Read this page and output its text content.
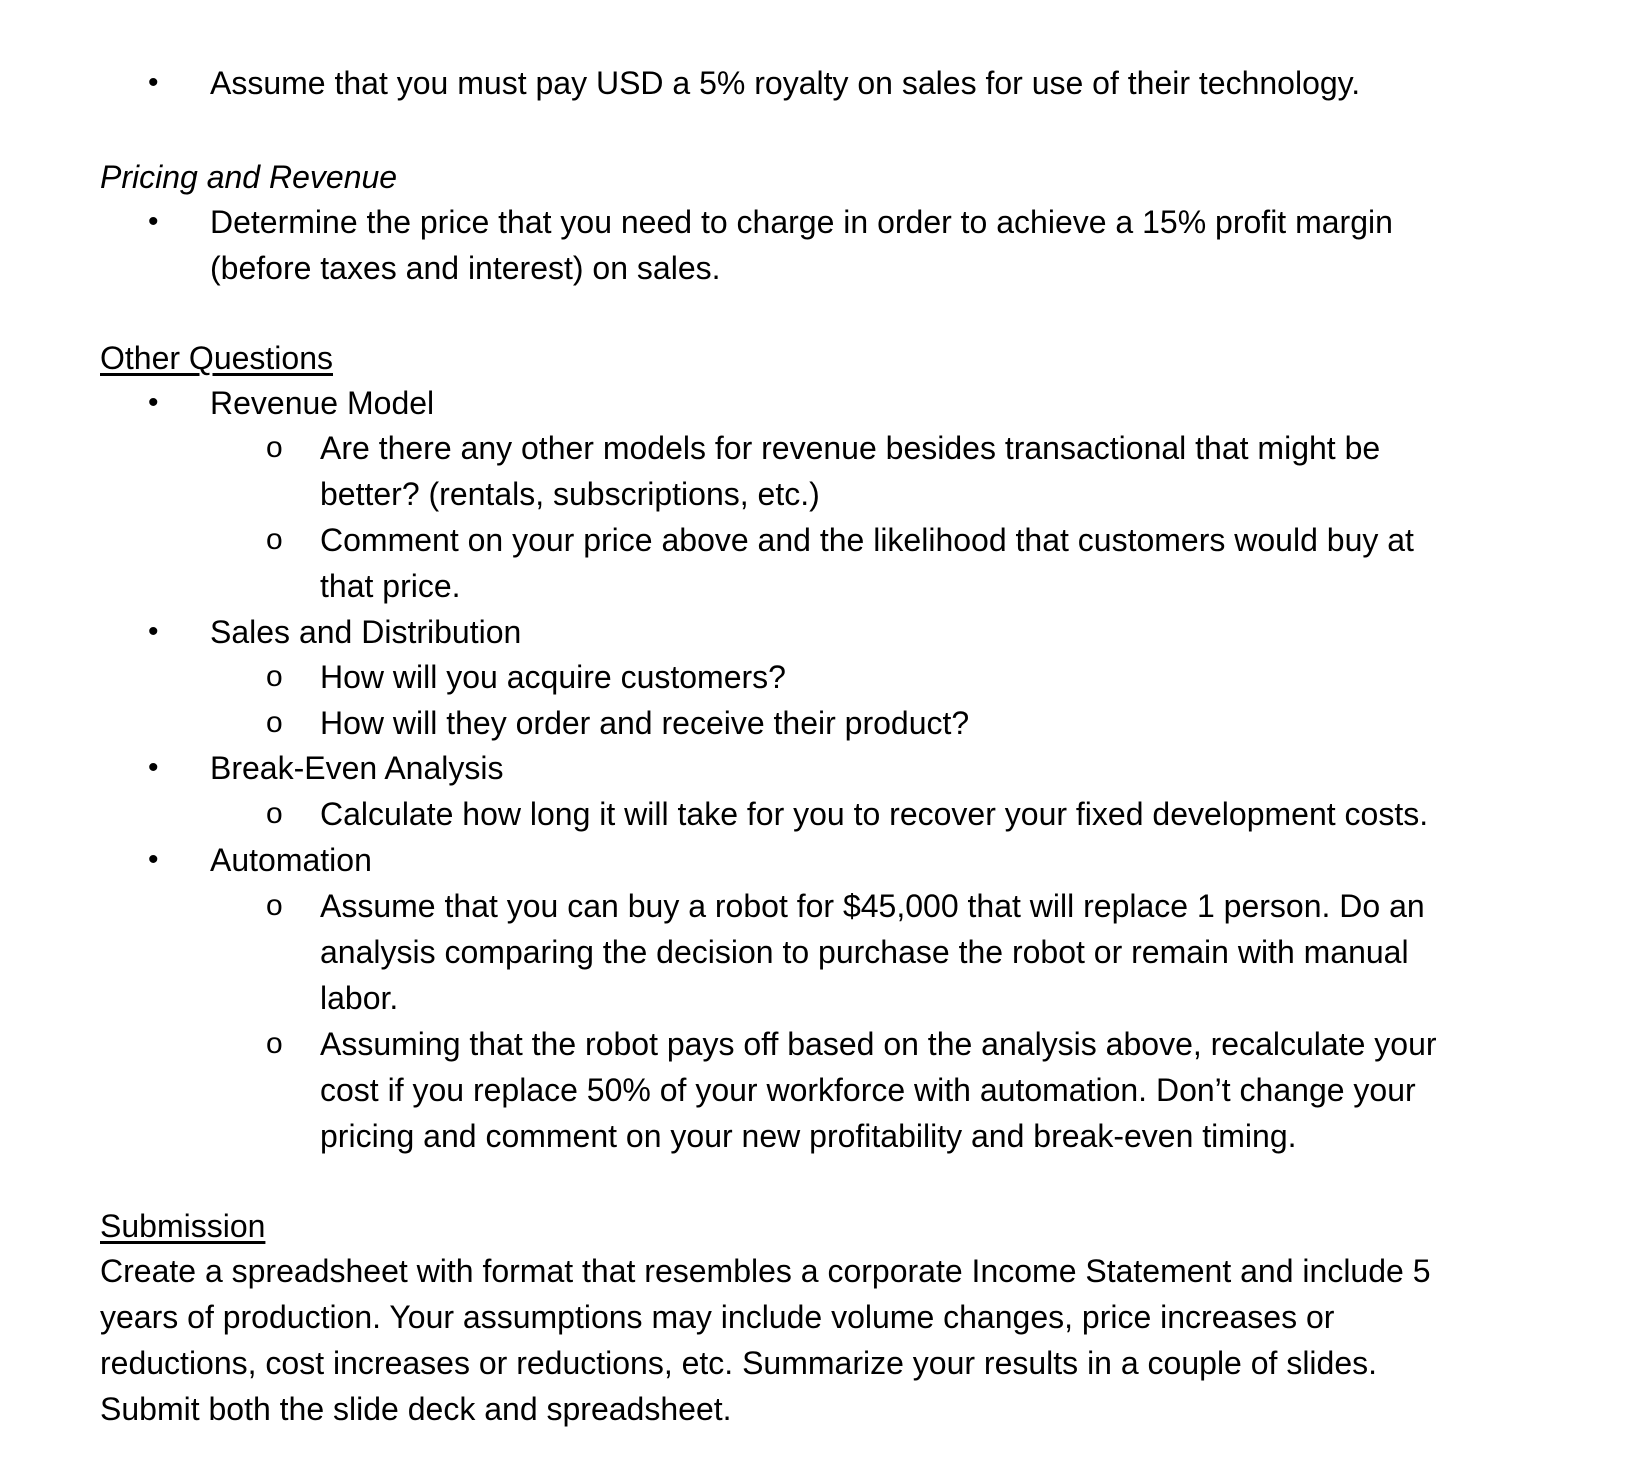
• Assume that you must pay USD a 5% royalty on sales for use of their technology.
Pricing and Revenue
• Determine the price that you need to charge in order to achieve a 15% profit margin
(before taxes and interest) on sales.
Other Questions
• Revenue Model
o Are there any other models for revenue besides transactional that might be
better? (rentals, subscriptions, etc.)
o Comment on your price above and the likelihood that customers would buy at
that price.
• Sales and Distribution
o How will you acquire customers?
o How will they order and receive their product?
• Break-Even Analysis
o Calculate how long it will take for you to recover your fixed development costs.
• Automation
o Assume that you can buy a robot for $45,000 that will replace 1 person. Do an
analysis comparing the decision to purchase the robot or remain with manual
labor.
o Assuming that the robot pays off based on the analysis above, recalculate your
cost if you replace 50% of your workforce with automation. Don’t change your
pricing and comment on your new profitability and break-even timing.
Submission
Create a spreadsheet with format that resembles a corporate Income Statement and include 5
years of production. Your assumptions may include volume changes, price increases or
reductions, cost increases or reductions, etc. Summarize your results in a couple of slides.
Submit both the slide deck and spreadsheet.
